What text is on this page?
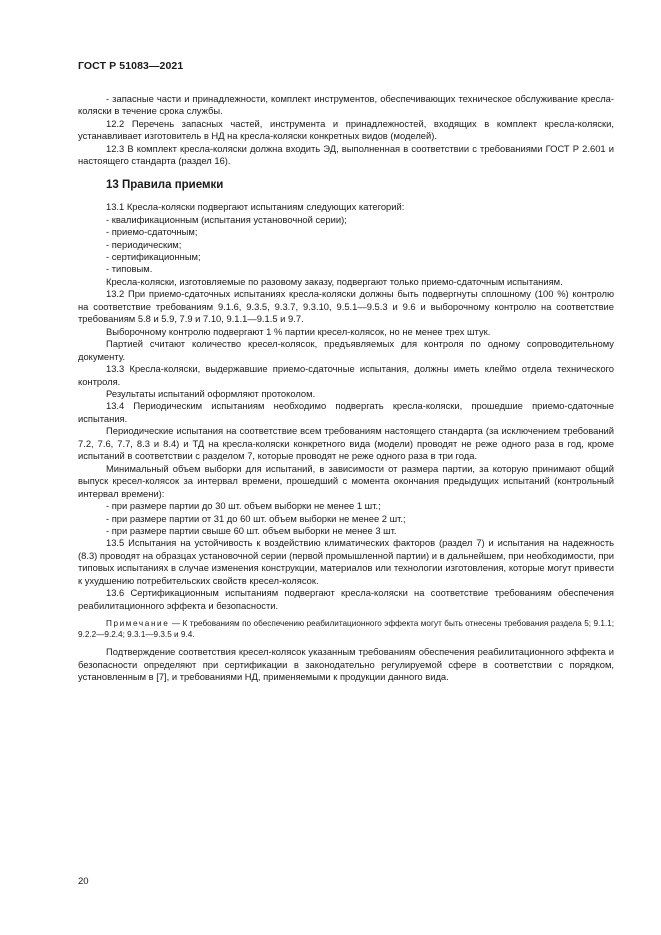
ГОСТ Р 51083—2021

- запасные части и принадлежности, комплект инструментов, обеспечивающих техническое обслуживание кресла-коляски в течение срока службы.

12.2 Перечень запасных частей, инструмента и принадлежностей, входящих в комплект кресла-коляски, устанавливает изготовитель в НД на кресла-коляски конкретных видов (моделей).

12.3 В комплект кресла-коляски должна входить ЭД, выполненная в соответствии с требованиями ГОСТ Р 2.601 и настоящего стандарта (раздел 16).

13 Правила приемки

13.1 Кресла-коляски подвергают испытаниям следующих категорий:

- квалификационным (испытания установочной серии);

- приемо-сдаточным;

- периодическим;

- сертификационным;

- типовым.

Кресла-коляски, изготовляемые по разовому заказу, подвергают только приемо-сдаточным испытаниям.

13.2 При приемо-сдаточных испытаниях кресла-коляски должны быть подвергнуты сплошному (100 %) контролю на соответствие требованиям 9.1.6, 9.3.5, 9.3.7, 9.3.10, 9.5.1—9.5.3 и 9.6 и выборочному контролю на соответствие требованиям 5.8 и 5.9, 7.9 и 7.10, 9.1.1—9.1.5 и 9.7.

Выборочному контролю подвергают 1 % партии кресел-колясок, но не менее трех штук.

Партией считают количество кресел-колясок, предъявляемых для контроля по одному сопроводительному документу.

13.3 Кресла-коляски, выдержавшие приемо-сдаточные испытания, должны иметь клеймо отдела технического контроля.

Результаты испытаний оформляют протоколом.

13.4 Периодическим испытаниям необходимо подвергать кресла-коляски, прошедшие приемо-сдаточные испытания.

Периодические испытания на соответствие всем требованиям настоящего стандарта (за исключением требований 7.2, 7.6, 7.7, 8.3 и 8.4) и ТД на кресла-коляски конкретного вида (модели) проводят не реже одного раза в год, кроме испытаний в соответствии с разделом 7, которые проводят не реже одного раза в три года.

Минимальный объем выборки для испытаний, в зависимости от размера партии, за которую принимают общий выпуск кресел-колясок за интервал времени, прошедший с момента окончания предыдущих испытаний (контрольный интервал времени):

- при размере партии до 30 шт. объем выборки не менее 1 шт.;

- при размере партии от 31 до 60 шт. объем выборки не менее 2 шт.;

- при размере партии свыше 60 шт. объем выборки не менее 3 шт.

13.5 Испытания на устойчивость к воздействию климатических факторов (раздел 7) и испытания на надежность (8.3) проводят на образцах установочной серии (первой промышленной партии) и в дальнейшем, при необходимости, при типовых испытаниях в случае изменения конструкции, материалов или технологии изготовления, которые могут привести к ухудшению потребительских свойств кресел-колясок.

13.6 Сертификационным испытаниям подвергают кресла-коляски на соответствие требованиям обеспечения реабилитационного эффекта и безопасности.

Примечание — К требованиям по обеспечению реабилитационного эффекта могут быть отнесены требования раздела 5; 9.1.1; 9.2.2—9.2.4; 9.3.1—9.3.5 и 9.4.

Подтверждение соответствия кресел-колясок указанным требованиям обеспечения реабилитационного эффекта и безопасности определяют при сертификации в законодательно регулируемой сфере в соответствии с порядком, установленным в [7], и требованиями НД, применяемыми к продукции данного вида.

20
